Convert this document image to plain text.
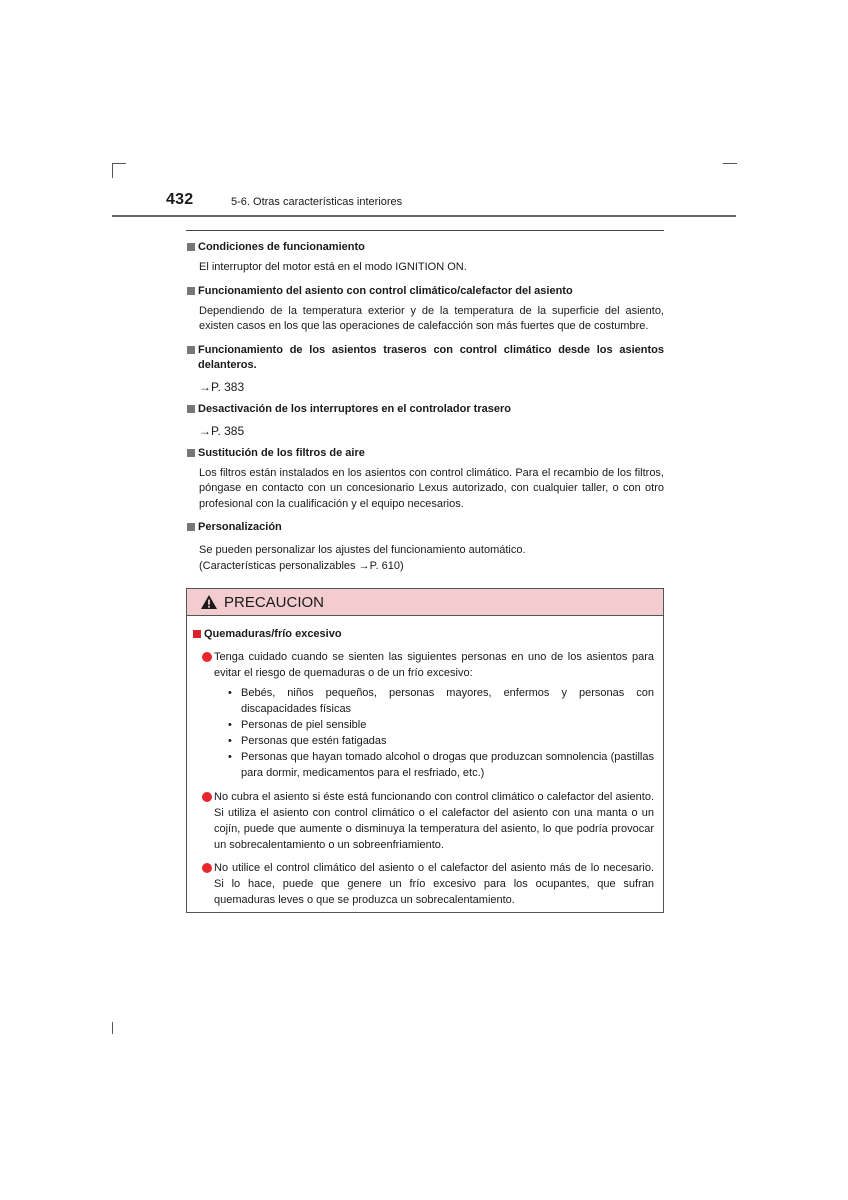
432	5-6. Otras características interiores
Condiciones de funcionamiento
El interruptor del motor está en el modo IGNITION ON.
Funcionamiento del asiento con control climático/calefactor del asiento
Dependiendo de la temperatura exterior y de la temperatura de la superficie del asiento, existen casos en los que las operaciones de calefacción son más fuertes que de costumbre.
Funcionamiento de los asientos traseros con control climático desde los asientos delanteros.
→P. 383
Desactivación de los interruptores en el controlador trasero
→P. 385
Sustitución de los filtros de aire
Los filtros están instalados en los asientos con control climático. Para el recambio de los filtros, póngase en contacto con un concesionario Lexus autorizado, con cualquier taller, o con otro profesional con la cualificación y el equipo necesarios.
Personalización
Se pueden personalizar los ajustes del funcionamiento automático.
(Características personalizables →P. 610)
PRECAUCION
Quemaduras/frío excesivo
Tenga cuidado cuando se sienten las siguientes personas en uno de los asientos para evitar el riesgo de quemaduras o de un frío excesivo:
• Bebés, niños pequeños, personas mayores, enfermos y personas con discapacidades físicas
• Personas de piel sensible
• Personas que estén fatigadas
• Personas que hayan tomado alcohol o drogas que produzcan somnolencia (pastillas para dormir, medicamentos para el resfriado, etc.)
No cubra el asiento si éste está funcionando con control climático o calefactor del asiento. Si utiliza el asiento con control climático o el calefactor del asiento con una manta o un cojín, puede que aumente o disminuya la temperatura del asiento, lo que podría provocar un sobrecalentamiento o un sobreenfriamiento.
No utilice el control climático del asiento o el calefactor del asiento más de lo necesario. Si lo hace, puede que genere un frío excesivo para los ocupantes, que sufran quemaduras leves o que se produzca un sobrecalentamiento.
